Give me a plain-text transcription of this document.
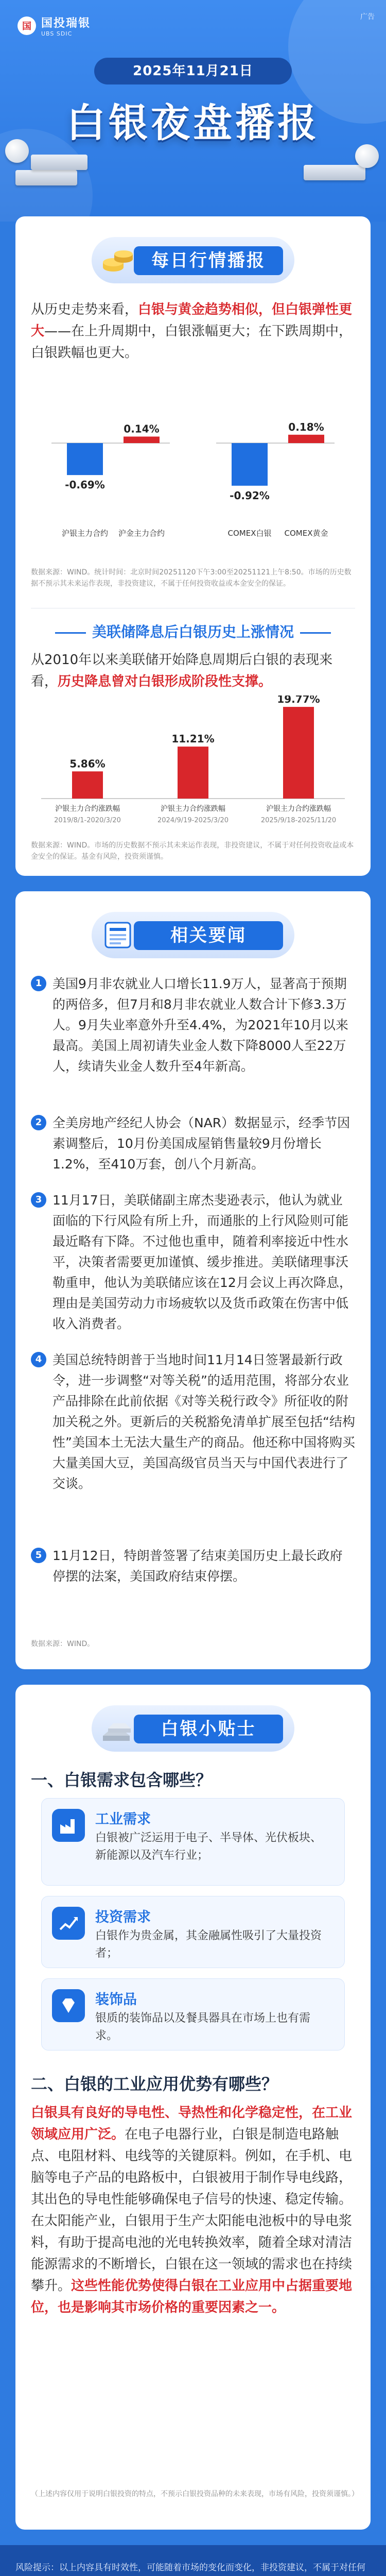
国 国投瑞银
UBS SDIC
广告
2025年11月21日
白银夜盘播报
每日行情播报
从历史走势来看，白银与黄金趋势相似，但白银弹性更大——在上升周期中，白银涨幅更大；在下跌周期中，白银跌幅也更大。
-0.69%
沪银主力合约
0.14%
沪金主力合约
-0.92%
COMEX白银
0.18%
COMEX黄金
数据来源：WIND。统计时间：北京时间20251120下午3:00至20251121上午8:50。市场的历史数据不预示其未来运作表现，非投资建议，不属于任何投资收益或本金安全的保证。
美联储降息后白银历史上涨情况
从2010年以来美联储开始降息周期后白银的表现来看，历史降息曾对白银形成阶段性支撑。
5.86%
沪银主力合约涨跌幅
2019/8/1-2020/3/20
11.21%
沪银主力合约涨跌幅
2024/9/19-2025/3/20
19.77%
沪银主力合约涨跌幅
2025/9/18-2025/11/20
数据来源：WIND。市场的历史数据不预示其未来运作表现，非投资建议，不属于对任何投资收益或本金安全的保证。基金有风险，投资须谨慎。
相关要闻
1 美国9月非农就业人口增长11.9万人，显著高于预期的两倍多，但7月和8月非农就业人数合计下修3.3万人。9月失业率意外升至4.4%，为2021年10月以来最高。美国上周初请失业金人数下降8000人至22万人，续请失业金人数升至4年新高。
2 全美房地产经纪人协会（NAR）数据显示，经季节因素调整后，10月份美国成屋销售量较9月份增长1.2%，至410万套，创八个月新高。
3 11月17日，美联储副主席杰斐逊表示，他认为就业面临的下行风险有所上升，而通胀的上行风险则可能最近略有下降。不过他也重申，随着利率接近中性水平，决策者需要更加谨慎、缓步推进。美联储理事沃勒重申，他认为美联储应该在12月会议上再次降息，理由是美国劳动力市场疲软以及货币政策在伤害中低收入消费者。
4 美国总统特朗普于当地时间11月14日签署最新行政令，进一步调整“对等关税”的适用范围，将部分农业产品排除在此前依据《对等关税行政令》所征收的附加关税之外。更新后的关税豁免清单扩展至包括“结构性”美国本土无法大量生产的商品。他还称中国将购买大量美国大豆，美国高级官员当天与中国代表进行了交谈。
5 11月12日，特朗普签署了结束美国历史上最长政府停摆的法案，美国政府结束停摆。
数据来源：WIND。
白银小贴士
一、白银需求包含哪些？
工业需求
白银被广泛运用于电子、半导体、光伏板块、新能源以及汽车行业；
投资需求
白银作为贵金属，其金融属性吸引了大量投资者；
装饰品
银质的装饰品以及餐具器具在市场上也有需求。
二、白银的工业应用优势有哪些？
白银具有良好的导电性、导热性和化学稳定性，在工业领域应用广泛。在电子电器行业，白银是制造电路触点、电阻材料、电线等的关键原料。例如，在手机、电脑等电子产品的电路板中，白银被用于制作导电线路，其出色的导电性能够确保电子信号的快速、稳定传输。在太阳能产业，白银用于生产太阳能电池板中的导电浆料，有助于提高电池的光电转换效率，随着全球对清洁能源需求的不断增长，白银在这一领域的需求也在持续攀升。这些性能优势使得白银在工业应用中占据重要地位，也是影响其市场价格的重要因素之一。
（上述内容仅用于说明白银投资的特点，不预示白银投资品种的未来表现，市场有风险，投资须谨慎。）
风险提示：以上内容具有时效性，可能随着市场的变化而变化，非投资建议，不属于对任何
